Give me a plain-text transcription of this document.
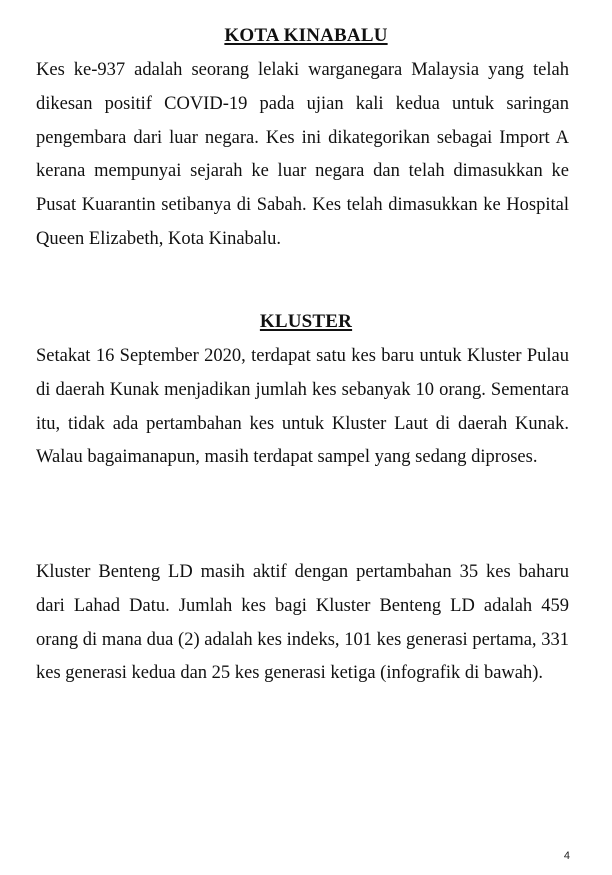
KOTA KINABALU

Kes ke-937 adalah seorang lelaki warganegara Malaysia yang telah dikesan positif COVID-19 pada ujian kali kedua untuk saringan pengembara dari luar negara. Kes ini dikategorikan sebagai Import A kerana mempunyai sejarah ke luar negara dan telah dimasukkan ke Pusat Kuarantin setibanya di Sabah. Kes telah dimasukkan ke Hospital Queen Elizabeth, Kota Kinabalu.

KLUSTER

Setakat 16 September 2020, terdapat satu kes baru untuk Kluster Pulau di daerah Kunak menjadikan jumlah kes sebanyak 10 orang. Sementara itu, tidak ada pertambahan kes untuk Kluster Laut di daerah Kunak. Walau bagaimanapun, masih terdapat sampel yang sedang diproses.

Kluster Benteng LD masih aktif dengan pertambahan 35 kes baharu dari Lahad Datu. Jumlah kes bagi Kluster Benteng LD adalah 459 orang di mana dua (2) adalah kes indeks, 101 kes generasi pertama, 331 kes generasi kedua dan 25 kes generasi ketiga (infografik di bawah).

4
